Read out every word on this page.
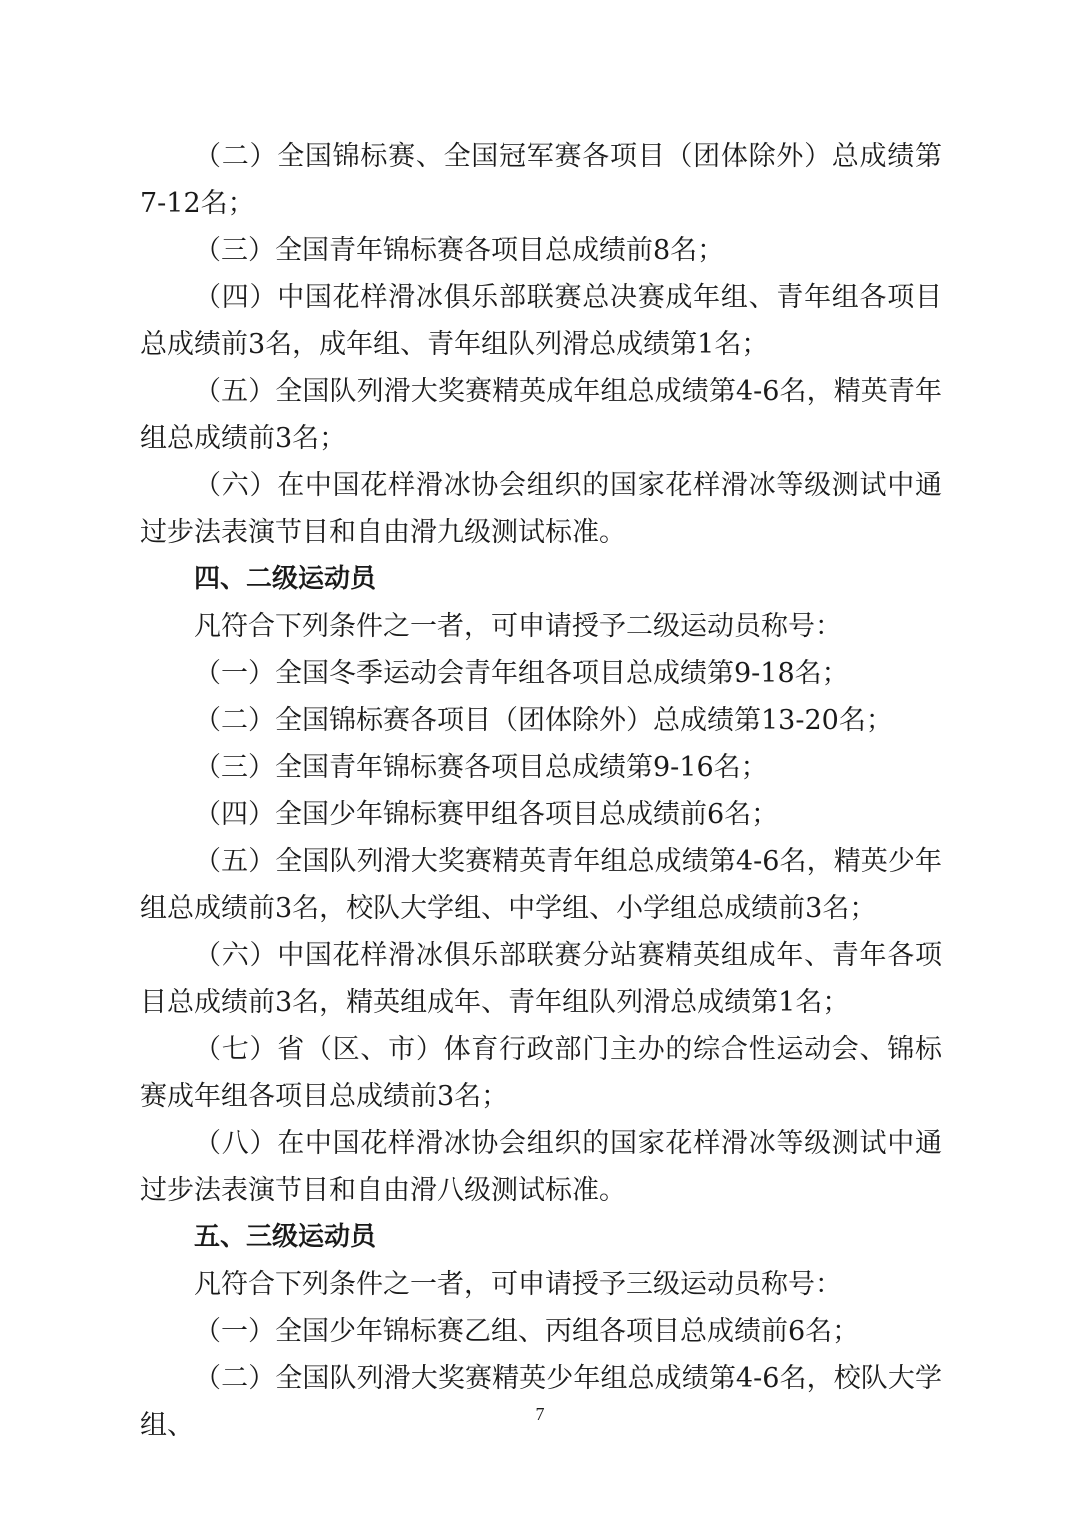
（二）全国锦标赛、全国冠军赛各项目（团体除外）总成绩第7-12名；

（三）全国青年锦标赛各项目总成绩前8名；

（四）中国花样滑冰俱乐部联赛总决赛成年组、青年组各项目总成绩前3名，成年组、青年组队列滑总成绩第1名；

（五）全国队列滑大奖赛精英成年组总成绩第4-6名，精英青年组总成绩前3名；

（六）在中国花样滑冰协会组织的国家花样滑冰等级测试中通过步法表演节目和自由滑九级测试标准。

四、二级运动员

凡符合下列条件之一者，可申请授予二级运动员称号：

（一）全国冬季运动会青年组各项目总成绩第9-18名；

（二）全国锦标赛各项目（团体除外）总成绩第13-20名；

（三）全国青年锦标赛各项目总成绩第9-16名；

（四）全国少年锦标赛甲组各项目总成绩前6名；

（五）全国队列滑大奖赛精英青年组总成绩第4-6名，精英少年组总成绩前3名，校队大学组、中学组、小学组总成绩前3名；

（六）中国花样滑冰俱乐部联赛分站赛精英组成年、青年各项目总成绩前3名，精英组成年、青年组队列滑总成绩第1名；

（七）省（区、市）体育行政部门主办的综合性运动会、锦标赛成年组各项目总成绩前3名；

（八）在中国花样滑冰协会组织的国家花样滑冰等级测试中通过步法表演节目和自由滑八级测试标准。

五、三级运动员

凡符合下列条件之一者，可申请授予三级运动员称号：

（一）全国少年锦标赛乙组、丙组各项目总成绩前6名；

（二）全国队列滑大奖赛精英少年组总成绩第4-6名，校队大学组、	7
